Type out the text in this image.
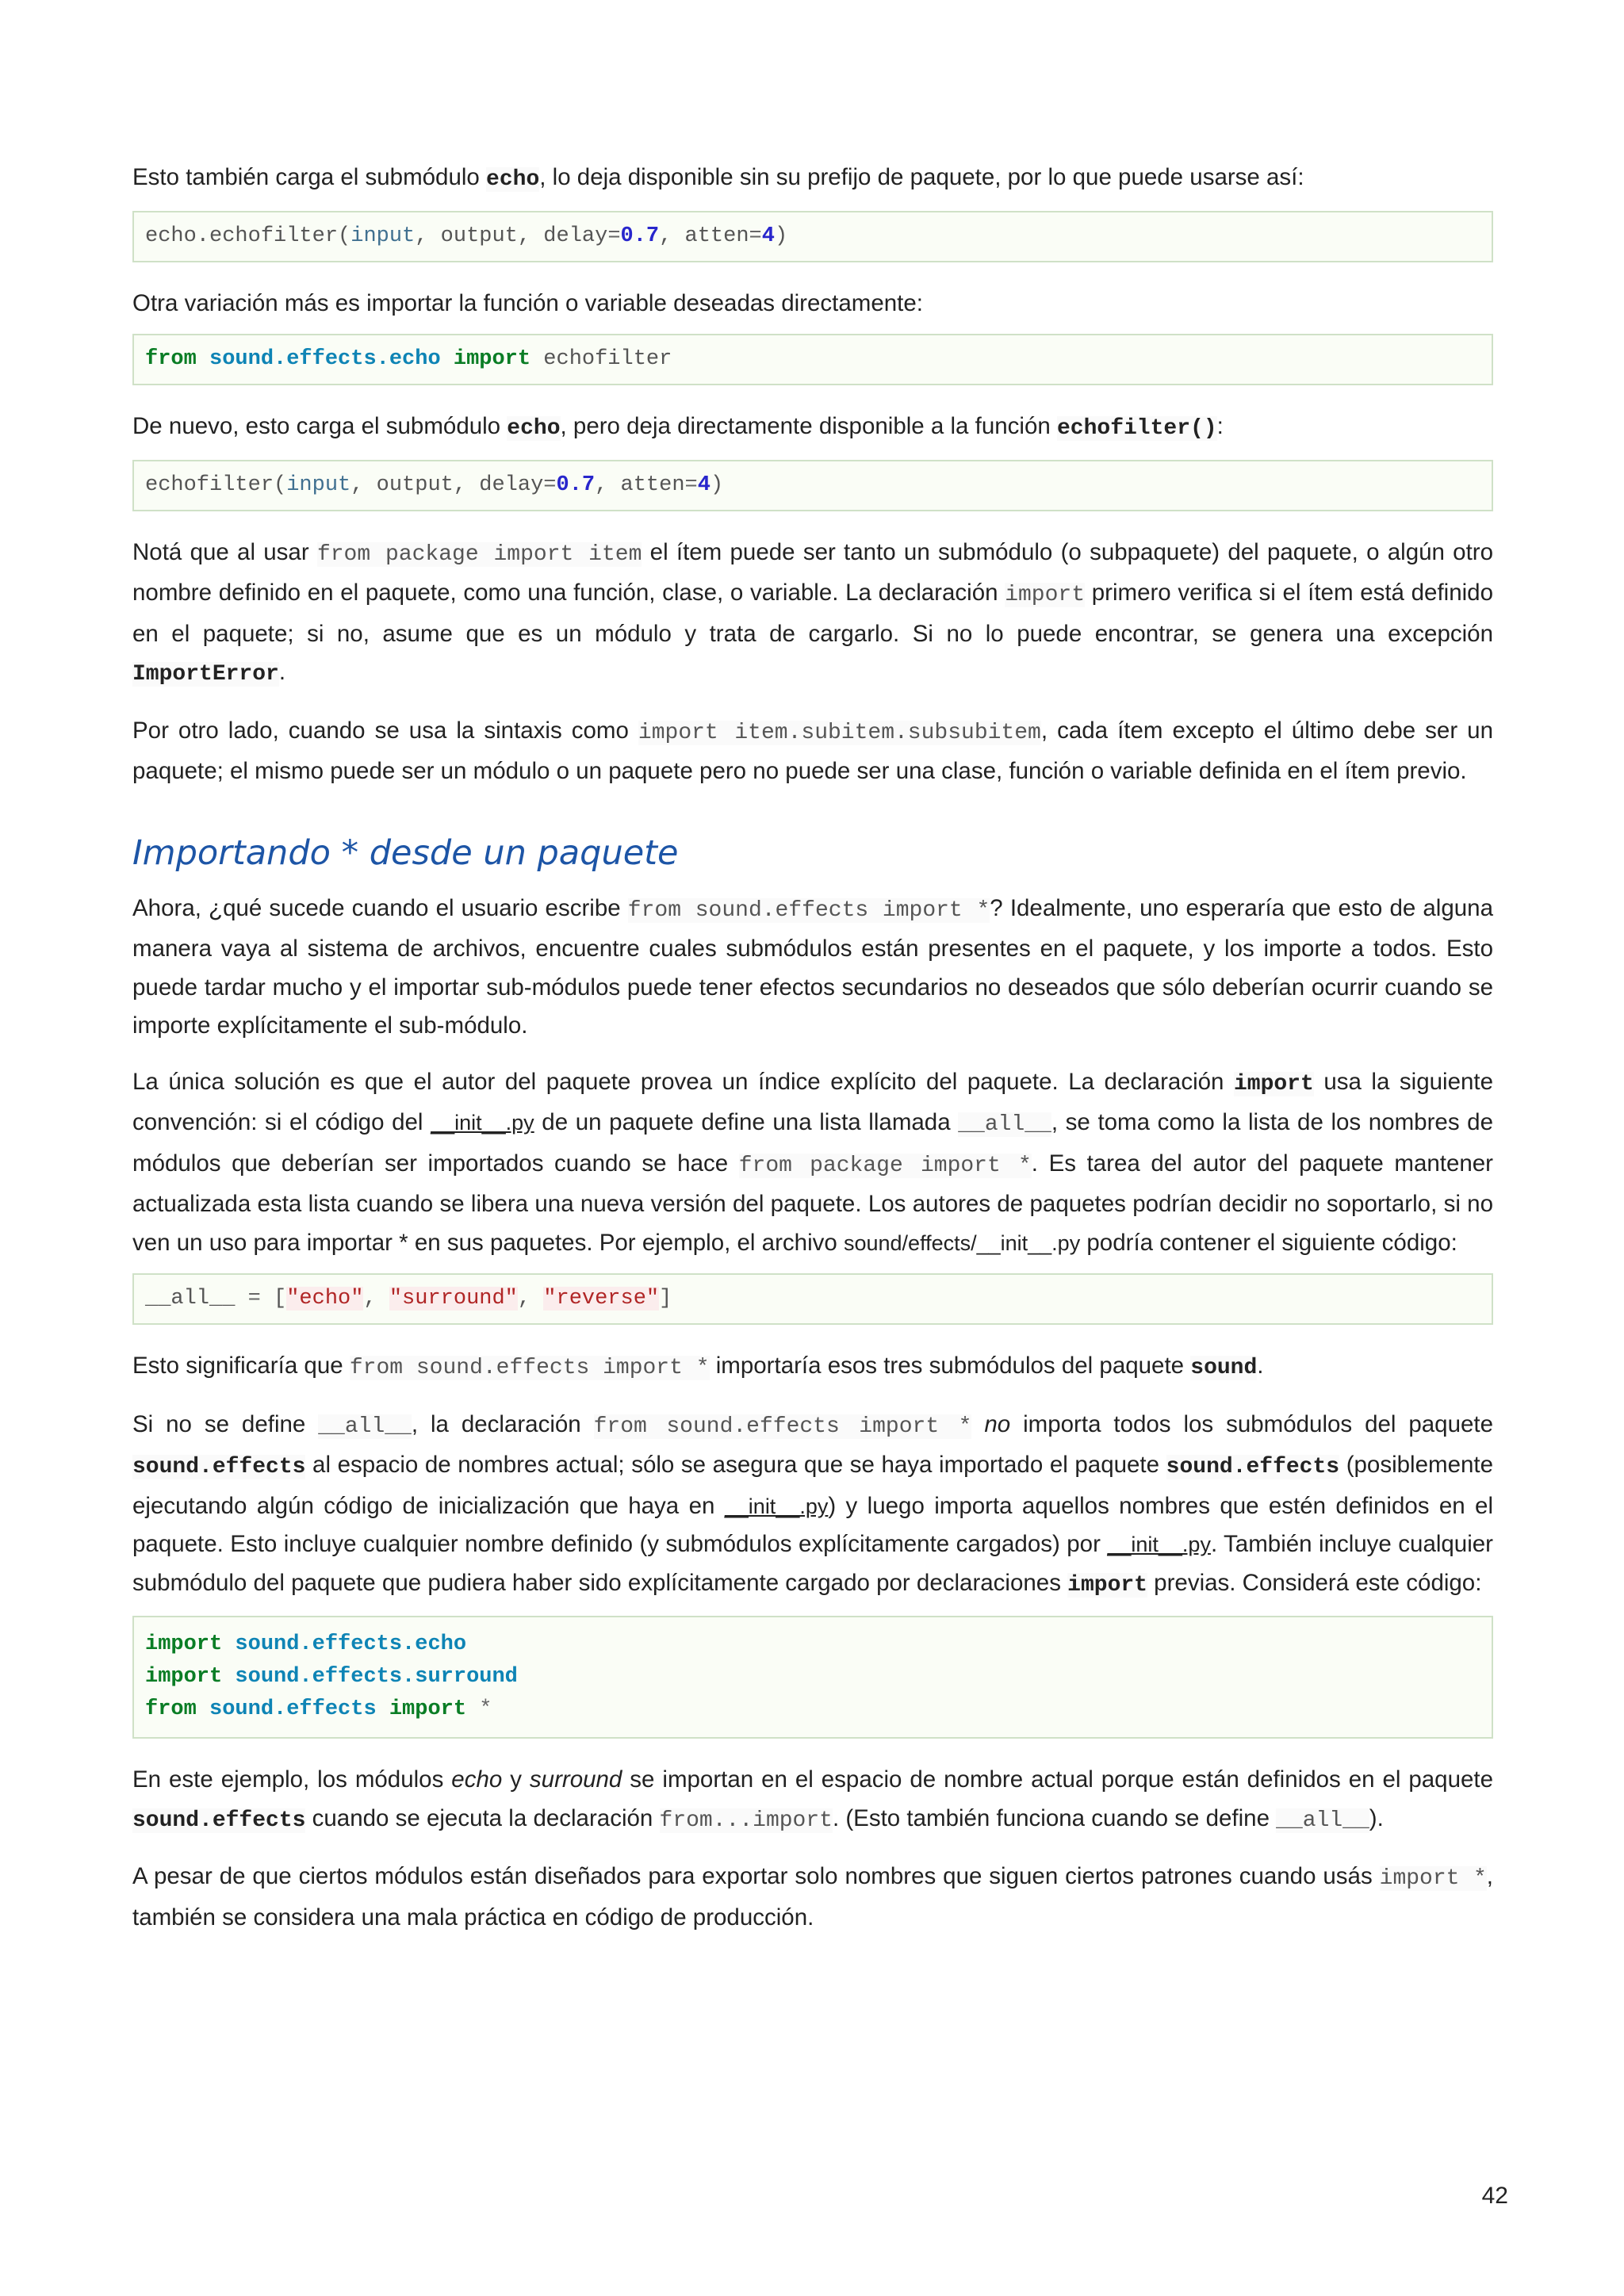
Esto también carga el submódulo echo, lo deja disponible sin su prefijo de paquete, por lo que puede usarse así:

echo.echofilter(input, output, delay=0.7, atten=4)

Otra variación más es importar la función o variable deseadas directamente:

from sound.effects.echo import echofilter

De nuevo, esto carga el submódulo echo, pero deja directamente disponible a la función echofilter():

echofilter(input, output, delay=0.7, atten=4)

Notá que al usar from package import item el ítem puede ser tanto un submódulo (o subpaquete) del paquete, o algún otro nombre definido en el paquete, como una función, clase, o variable. La declaración import primero verifica si el ítem está definido en el paquete; si no, asume que es un módulo y trata de cargarlo. Si no lo puede encontrar, se genera una excepción ImportError.

Por otro lado, cuando se usa la sintaxis como import item.subitem.subsubitem, cada ítem excepto el último debe ser un paquete; el mismo puede ser un módulo o un paquete pero no puede ser una clase, función o variable definida en el ítem previo.

Importando * desde un paquete

Ahora, ¿qué sucede cuando el usuario escribe from sound.effects import *? Idealmente, uno esperaría que esto de alguna manera vaya al sistema de archivos, encuentre cuales submódulos están presentes en el paquete, y los importe a todos. Esto puede tardar mucho y el importar sub-módulos puede tener efectos secundarios no deseados que sólo deberían ocurrir cuando se importe explícitamente el sub-módulo.

La única solución es que el autor del paquete provea un índice explícito del paquete. La declaración import usa la siguiente convención: si el código del __init__.py de un paquete define una lista llamada __all__, se toma como la lista de los nombres de módulos que deberían ser importados cuando se hace from package import *. Es tarea del autor del paquete mantener actualizada esta lista cuando se libera una nueva versión del paquete. Los autores de paquetes podrían decidir no soportarlo, si no ven un uso para importar * en sus paquetes. Por ejemplo, el archivo sound/effects/__init__.py podría contener el siguiente código:

__all__ = ["echo", "surround", "reverse"]

Esto significaría que from sound.effects import * importaría esos tres submódulos del paquete sound.

Si no se define __all__, la declaración from sound.effects import * no importa todos los submódulos del paquete sound.effects al espacio de nombres actual; sólo se asegura que se haya importado el paquete sound.effects (posiblemente ejecutando algún código de inicialización que haya en __init__.py) y luego importa aquellos nombres que estén definidos en el paquete. Esto incluye cualquier nombre definido (y submódulos explícitamente cargados) por __init__.py. También incluye cualquier submódulo del paquete que pudiera haber sido explícitamente cargado por declaraciones import previas. Considerá este código:

import sound.effects.echo
import sound.effects.surround
from sound.effects import *

En este ejemplo, los módulos echo y surround se importan en el espacio de nombre actual porque están definidos en el paquete sound.effects cuando se ejecuta la declaración from...import. (Esto también funciona cuando se define __all__).

A pesar de que ciertos módulos están diseñados para exportar solo nombres que siguen ciertos patrones cuando usás import *, también se considera una mala práctica en código de producción.

42
